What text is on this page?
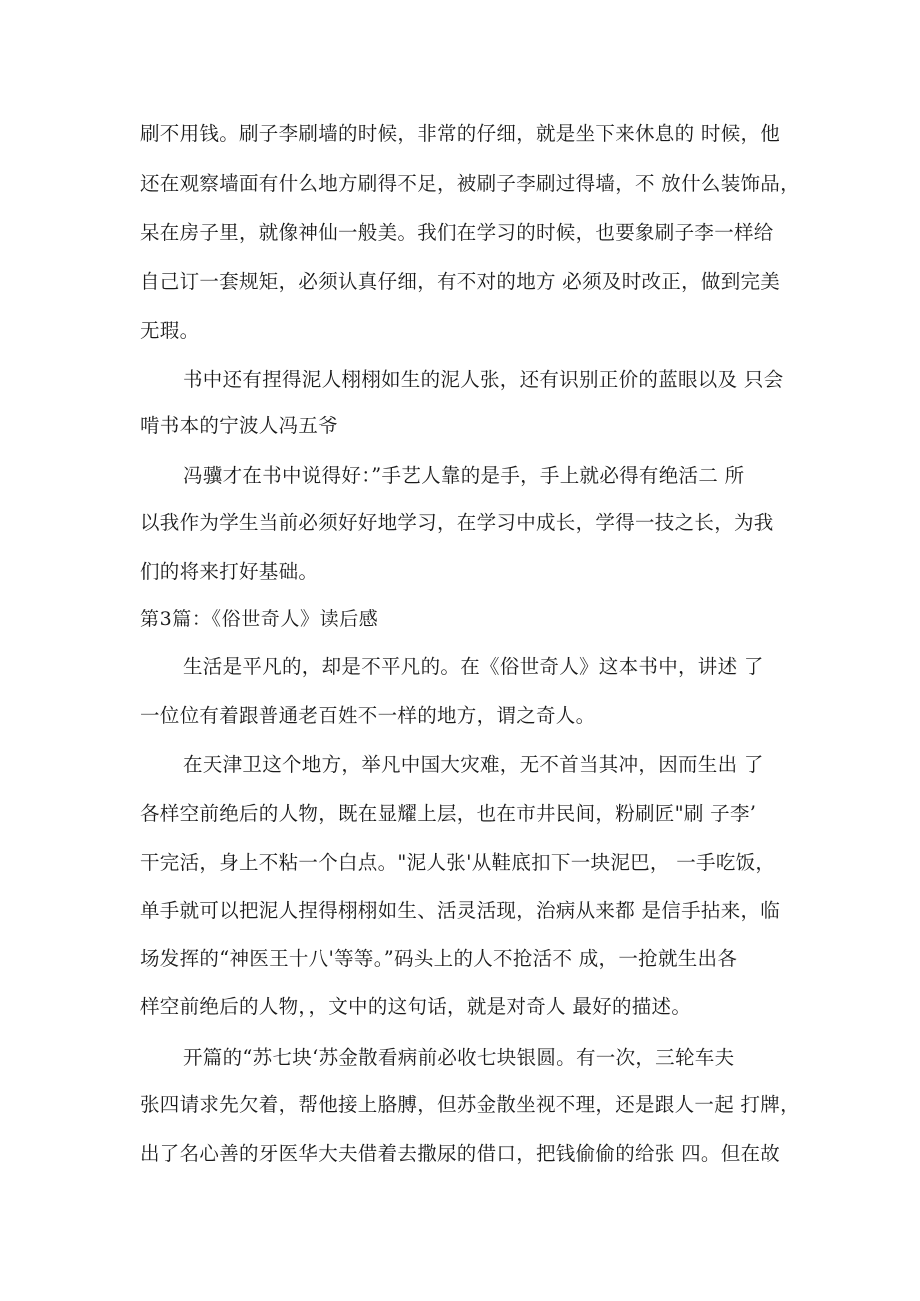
刷不用钱。刷子李刷墙的时候，非常的仔细，就是坐下来休息的 时候，他
还在观察墙面有什么地方刷得不足，被刷子李刷过得墙，不 放什么装饰品，
呆在房子里，就像神仙一般美。我们在学习的时候，也要象刷子李一样给
自己订一套规矩，必须认真仔细，有不对的地方 必须及时改正，做到完美
无瑕。
书中还有捏得泥人栩栩如生的泥人张，还有识别正价的蓝眼以及 只会
啃书本的宁波人冯五爷
冯骥才在书中说得好：”手艺人靠的是手，手上就必得有绝活二 所
以我作为学生当前必须好好地学习，在学习中成长，学得一技之长，为我
们的将来打好基础。
第3篇：《俗世奇人》读后感
生活是平凡的，却是不平凡的。在《俗世奇人》这本书中，讲述 了
一位位有着跟普通老百姓不一样的地方，谓之奇人。
在天津卫这个地方，举凡中国大灾难，无不首当其冲，因而生出 了
各样空前绝后的人物，既在显耀上层，也在市井民间，粉刷匠"刷 子李’
干完活，身上不粘一个白点。"泥人张'从鞋底扣下一块泥巴， 一手吃饭，
单手就可以把泥人捏得栩栩如生、活灵活现，治病从来都 是信手拈来，临
场发挥的“神医王十八'等等。”码头上的人不抢活不 成，一抢就生出各
样空前绝后的人物，，文中的这句话，就是对奇人 最好的描述。
开篇的“苏七块‘苏金散看病前必收七块银圆。有一次，三轮车夫
张四请求先欠着，帮他接上胳膊，但苏金散坐视不理，还是跟人一起 打牌，
出了名心善的牙医华大夫借着去撒尿的借口，把钱偷偷的给张 四。但在故
